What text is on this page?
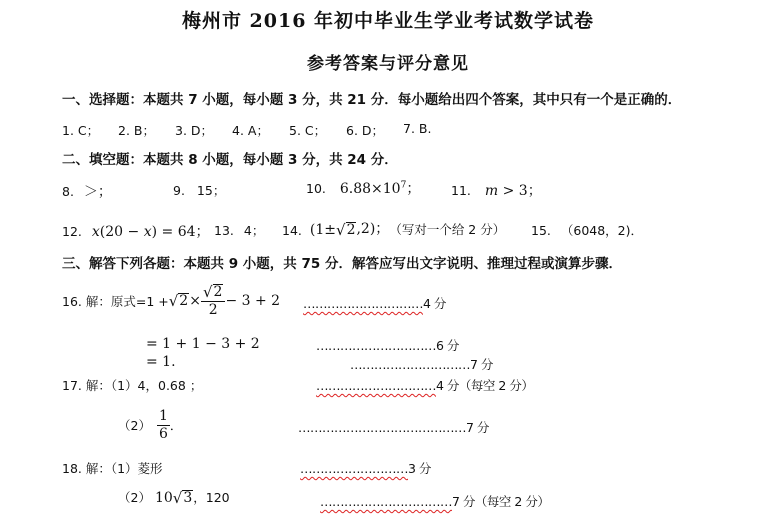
梅州市 2016 年初中毕业生学业考试数学试卷
参考答案与评分意见
一、选择题：本题共 7 小题，每小题 3 分，共 21 分．每小题给出四个答案，其中只有一个是正确的．
1. C；	2. B；	3. D；	4. A；	5. C；	6. D；	7. B.
二、填空题：本题共 8 小题，每小题 3 分，共 24 分．
8. ＞；	9. 15；	10. $6.88\times 10^7$； 11. m > 3；
12. x(20 − x) = 64； 13. 4； 14. (1± √ 2 ,2)； （写对一个给 2 分） 15. （6048，2)．
三、解答下列各题：本题共 9 小题，共 75 分．解答应写出文字说明、推理过程或演算步骤．
16. 解：原式=1 + √ $2 \times \frac{√ 2}{2} - 3 + 2$ …………………………4 分
= 1 + 1 − 3 + 2	…………………………6 分
= 1.	…………………………7 分
17. 解：（1）4，0.68 ；	…………………………4 分（每空 2 分）
$(2) \frac{1}{6}$ ．	……………………………………7 分
18. 解：（1）菱形	………………………3 分
（2） 10 √ 3 ，120	……………………………7 分（每空 2 分）
